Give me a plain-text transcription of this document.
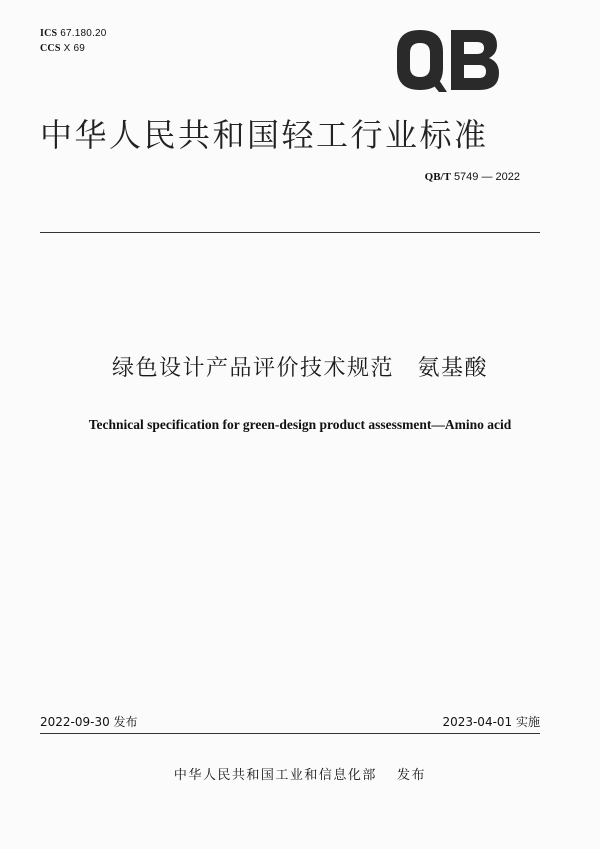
ICS 67.180.20
CCS X 69
中华人民共和国轻工行业标准
QB/T 5749 — 2022
绿色设计产品评价技术规范　氨基酸
Technical specification for green-design product assessment—Amino acid
2022-09-30 发布	2023-04-01 实施
中华人民共和国工业和信息化部　 发布
